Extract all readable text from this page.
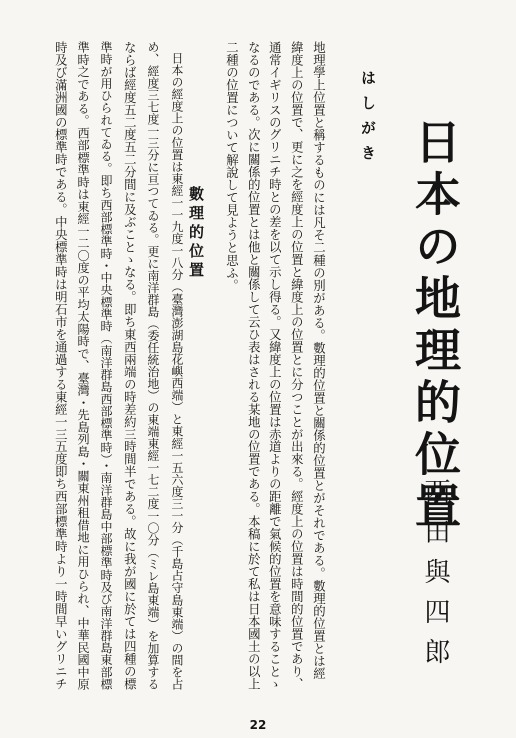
日本の地理的位置
西田與四郎
はしがき
地理學上位置と稱するものには凡そ二種の別がある。數理的位置と關係的位置とがそれである。數理的位置とは經
緯度上の位置で、更に之を經度上の位置と緯度上の位置とに分つことが出來る。經度上の位置は時間的位置であり、
通常イギリスのグリニチ時との差を以て示し得る。又緯度上の位置は赤道よりの距離で氣候的位置を意味することゝ
なるのである。次に關係的位置とは他と關係して云ひ表はされる某地の位置である。本稿に於て私は日本國土の以上
二種の位置について解說して見ようと思ふ。
數理的位置
日本の經度上の位置は東經一一九度一八分（臺灣澎湖島花嶼西端）と東經一五六度三一分（千島占守島東端）の間を占
め、經度三七度一三分に亘つてゐる。更に南洋群島（委任統治地）の東端東經一七二度一〇分（ミレ島東端）を加算する
ならば經度五二度五二分間に及ぶことゝなる。即ち東西兩端の時差約三時間半である。故に我が國に於ては四種の標
準時が用ひられてゐる。即ち西部標準時・中央標準時（南洋群島西部標準時）・南洋群島中部標準時及び南洋群島東部標
準時之である。西部標準時は東經一二〇度の平均太陽時で、臺灣・先島列島・關東州租借地に用ひられ、中華民國中原
時及び滿洲國の標準時である。中央標準時は明石市を通過する東經一三五度即ち西部標準時より一時間早いグリニチ
22
